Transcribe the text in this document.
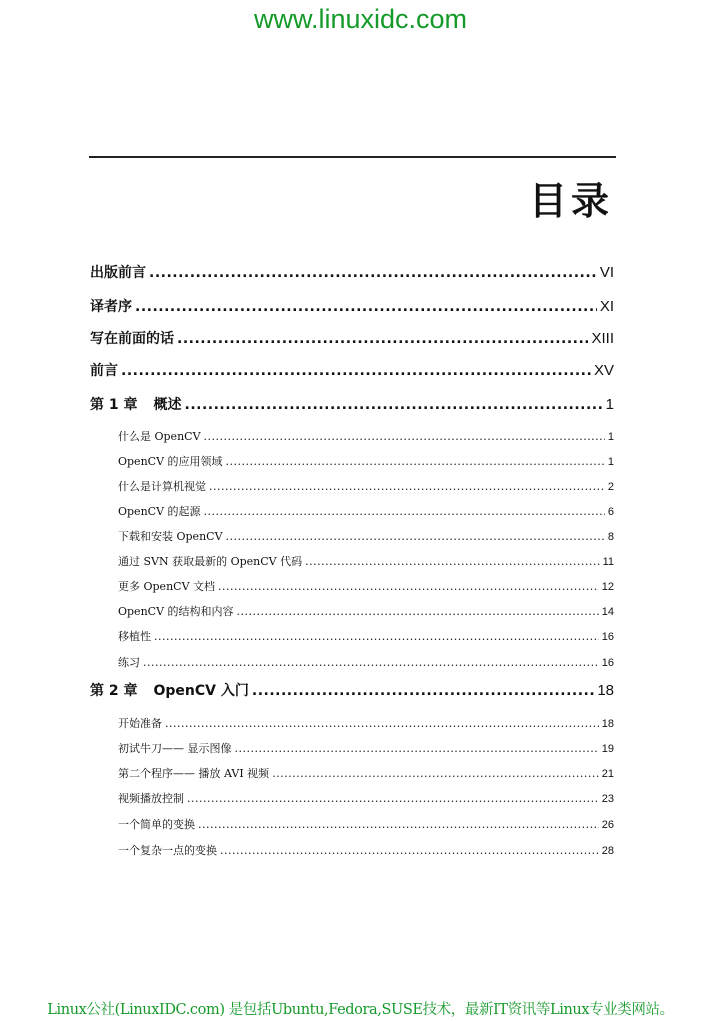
www.linuxidc.com
目录
出版前言 .....	VI
译者序 .....	XI
写在前面的话 .....	XIII
前言 .....	XV
第 1 章 概述 .....	1
什么是 OpenCV .....	1
OpenCV 的应用领域 .....	1
什么是计算机视觉 .....	2
OpenCV 的起源 .....	6
下载和安装 OpenCV .....	8
通过 SVN 获取最新的 OpenCV 代码 .....	11
更多 OpenCV 文档 .....	12
OpenCV 的结构和内容 .....	14
移植性 .....	16
练习 .....	16
第 2 章 OpenCV 入门 .....	18
开始准备 .....	18
初试牛刀—— 显示图像 .....	19
第二个程序—— 播放 AVI 视频 .....	21
视频播放控制 .....	23
一个简单的变换 .....	26
一个复杂一点的变换 .....	28
Linux公社(LinuxIDC.com) 是包括Ubuntu,Fedora,SUSE技术，最新IT资讯等Linux专业类网站。
